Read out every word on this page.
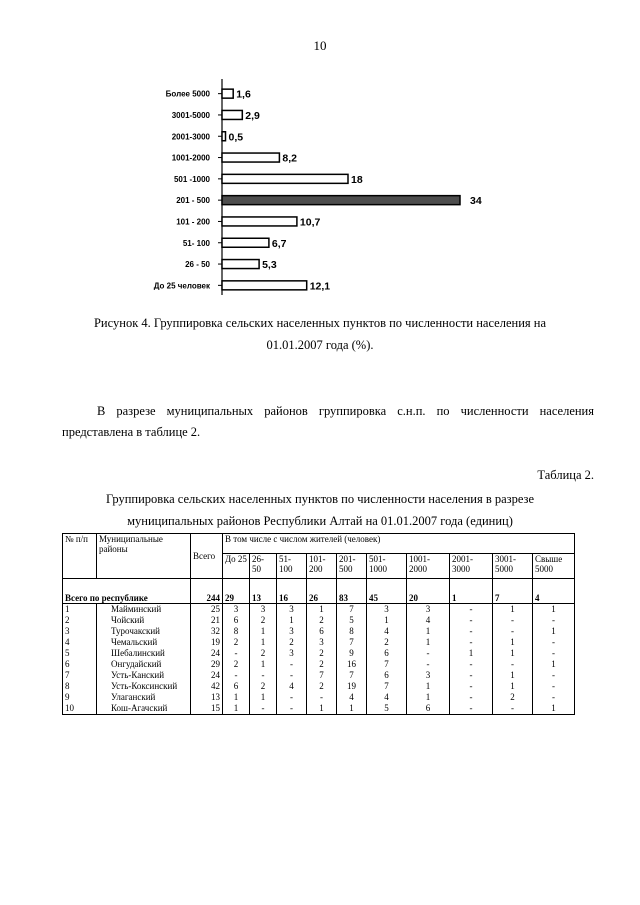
10
Более 5000 1,6
3001-5000	2,9
2001-3000 0,5
1001-2000	8,2
501 -1000	18
201 - 500	34
101 - 200	10,7
51- 100	6,7
26 - 50	5,3
До 25 человек	12,1
Рисунок 4. Группировка сельских населенных пунктов по численности населения на
01.01.2007 года (%).
В разрезе муниципальных районов группировка с.н.п. по численности населения
представлена в таблице 2.
Таблица 2.
Группировка сельских населенных пунктов по численности населения в разрезе
муниципальных районов Республики Алтай на 01.01.2007 года (единиц)
№ п/п	Муниципальные районы	Всего	В том числе с числом жителей (человек)									
			До 25	26- 50	51- 100	101- 200	201- 500	501- 1000	1001- 2000	2001- 3000	3001- 5000	Свыше 5000
Всего по республике		244	29	13	16	26	83	45	20	1	7	4
1	Майминский	25	3	3	3	1	7	3	3	-	1	1
2	Чойский	21	6	2	1	2	5	1	4	-	-	-
3	Турочакский	32	8	1	3	6	8	4	1	-	-	1
4	Чемальский	19	2	1	2	3	7	2	1	-	1	-
5	Шебалинский	24	-	2	3	2	9	6	-	1	1	-
6	Онгудайский	29	2	1	-	2	16	7	-	-	-	1
7	Усть-Канский	24	-	-	-	7	7	6	3	-	1	-
8	Усть-Коксинский	42	6	2	4	2	19	7	1	-	1	-
9	Улаганский	13	1	1	-	-	4	4	1	-	2	-
10	Кош-Агачский	15	1	-	-	1	1	5	6	-	-	1
